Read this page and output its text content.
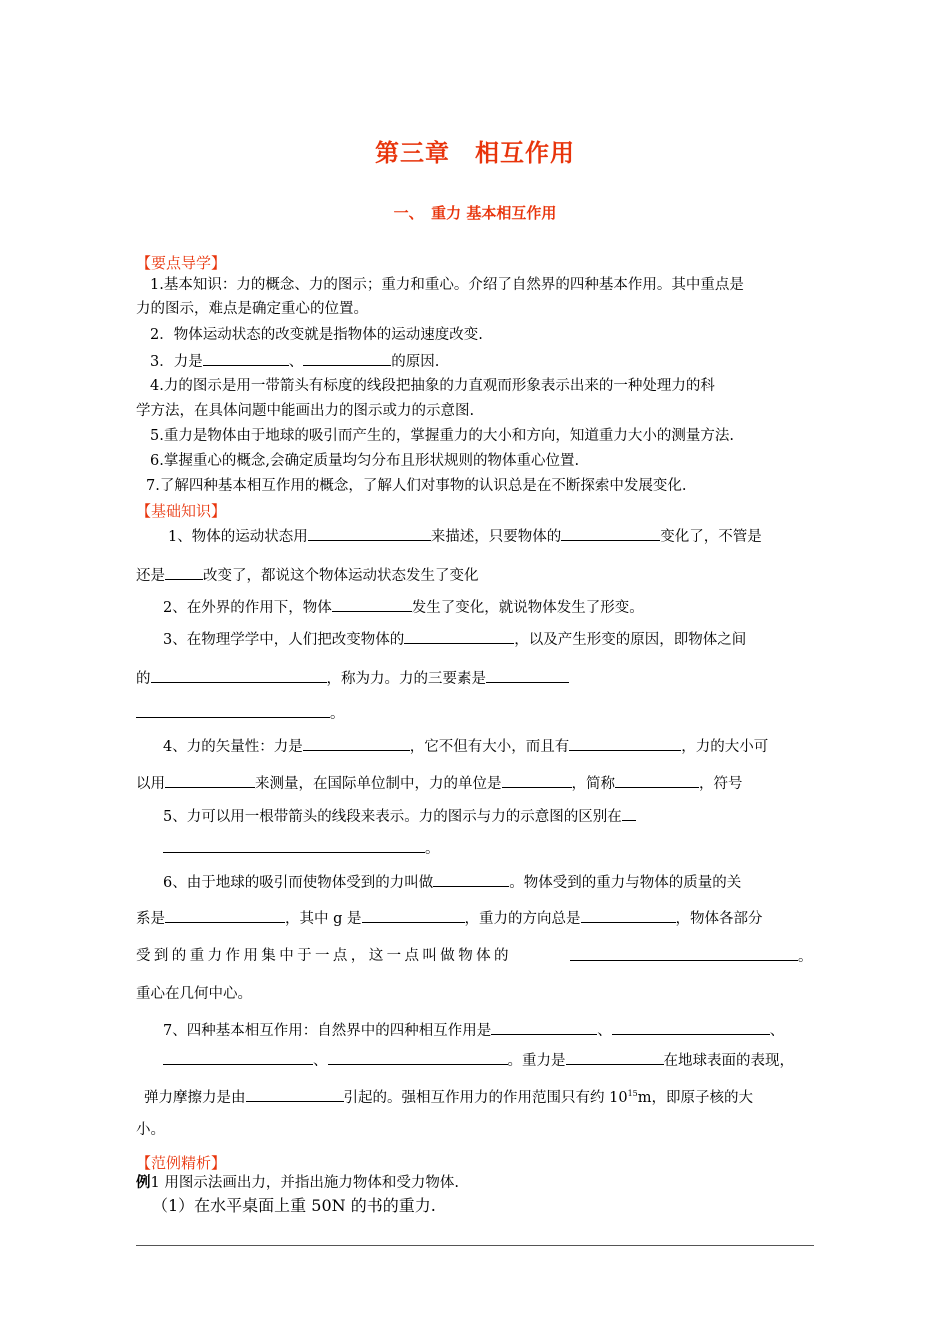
第三章　相互作用
一、　重力 基本相互作用
【要点导学】
1.基本知识：力的概念、力的图示；重力和重心。介绍了自然界的四种基本作用。其中重点是
力的图示，难点是确定重心的位置。
2．物体运动状态的改变就是指物体的运动速度改变.
3．力是	、	的原因.
4.力的图示是用一带箭头有标度的线段把抽象的力直观而形象表示出来的一种处理力的科
学方法，在具体问题中能画出力的图示或力的示意图.
5.重力是物体由于地球的吸引而产生的，掌握重力的大小和方向，知道重力大小的测量方法.
6.掌握重心的概念,会确定质量均匀分布且形状规则的物体重心位置.
7.了解四种基本相互作用的概念，了解人们对事物的认识总是在不断探索中发展变化.
【基础知识】
1、物体的运动状态用	来描述，只要物体的	变化了，不管是
还是	改变了，都说这个物体运动状态发生了变化
2、在外界的作用下，物体	发生了变化，就说物体发生了形变。
3、在物理学学中，人们把改变物体的	，以及产生形变的原因，即物体之间
的	，称为力。力的三要素是
。
4、力的矢量性：力是	，它不但有大小，而且有	，力的大小可
以用	来测量，在国际单位制中，力的单位是	，简称	，符号
5、力可以用一根带箭头的线段来表示。力的图示与力的示意图的区别在
。
6、由于地球的吸引而使物体受到的力叫做	。物体受到的重力与物体的质量的关
系是	，其中 g 是	，重力的方向总是	，物体各部分
受到的重力作用集中于一点，这一点叫做物体的	。
重心在几何中心。
7、四种基本相互作用：自然界中的四种相互作用是	、	、
、	。重力是	在地球表面的表现，
弹力摩擦力是由	引起的。强相互作用力的作用范围只有约 $10^{15}m$，即原子核的大
小。
【范例精析】
例1 用图示法画出力，并指出施力物体和受力物体.
（1）在水平桌面上重 50N 的书的重力.
